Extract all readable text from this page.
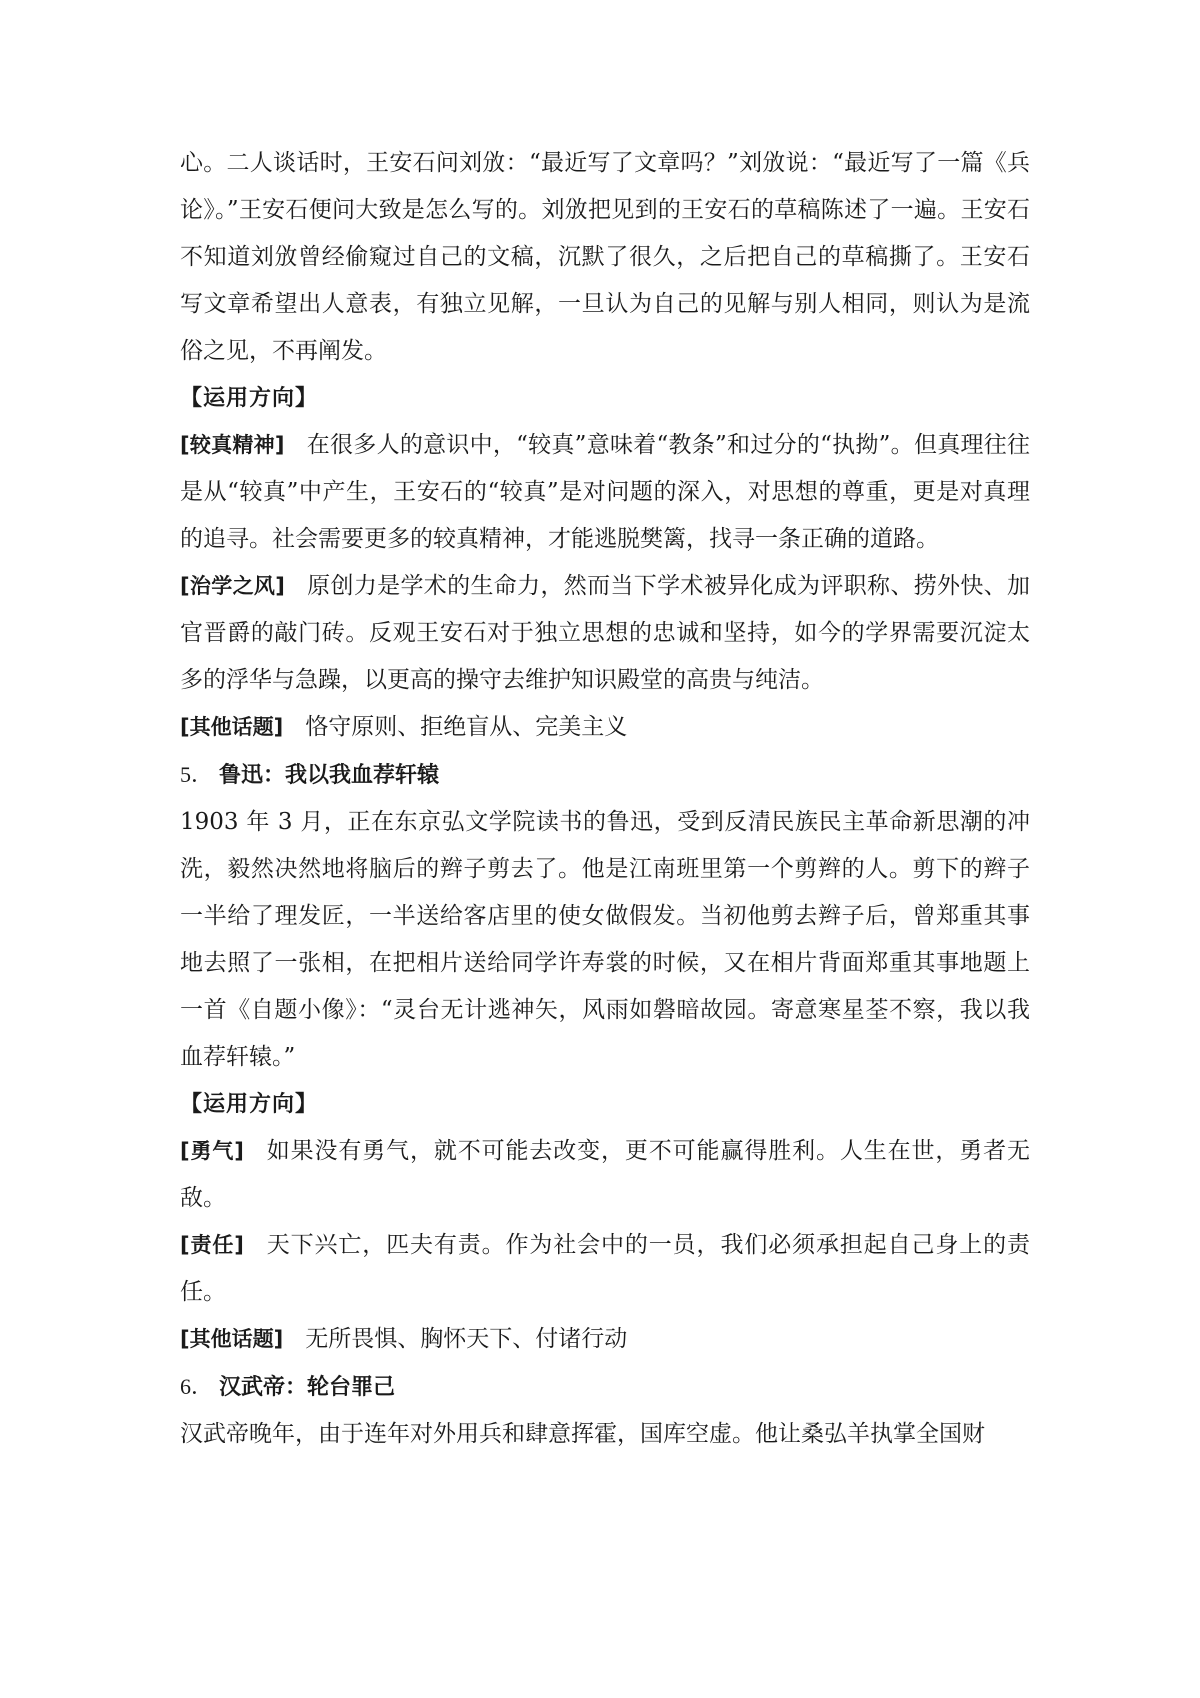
心。二人谈话时，王安石问刘攽：“最近写了文章吗？”刘攽说：“最近写了一篇《兵论》。”王安石便问大致是怎么写的。刘攽把见到的王安石的草稿陈述了一遍。王安石不知道刘攽曾经偷窥过自己的文稿，沉默了很久，之后把自己的草稿撕了。王安石写文章希望出人意表，有独立见解，一旦认为自己的见解与别人相同，则认为是流俗之见，不再阐发。

【运用方向】

[较真精神] 在很多人的意识中，“较真”意味着“教条”和过分的“执拗”。但真理往往是从“较真”中产生，王安石的“较真”是对问题的深入，对思想的尊重，更是对真理的追寻。社会需要更多的较真精神，才能逃脱樊篱，找寻一条正确的道路。

[治学之风] 原创力是学术的生命力，然而当下学术被异化成为评职称、捞外快、加官晋爵的敲门砖。反观王安石对于独立思想的忠诚和坚持，如今的学界需要沉淀太多的浮华与急躁，以更高的操守去维护知识殿堂的高贵与纯洁。

[其他话题] 恪守原则、拒绝盲从、完美主义

5． 鲁迅：我以我血荐轩辕

1903 年 3 月，正在东京弘文学院读书的鲁迅，受到反清民族民主革命新思潮的冲洗，毅然决然地将脑后的辫子剪去了。他是江南班里第一个剪辫的人。剪下的辫子一半给了理发匠，一半送给客店里的使女做假发。当初他剪去辫子后，曾郑重其事地去照了一张相，在把相片送给同学许寿裳的时候，又在相片背面郑重其事地题上一首《自题小像》：“灵台无计逃神矢，风雨如磐暗故园。寄意寒星荃不察，我以我血荐轩辕。”

【运用方向】

[勇气] 如果没有勇气，就不可能去改变，更不可能赢得胜利。人生在世，勇者无敌。

[责任] 天下兴亡，匹夫有责。作为社会中的一员，我们必须承担起自己身上的责任。

[其他话题] 无所畏惧、胸怀天下、付诸行动

6． 汉武帝：轮台罪己

汉武帝晚年，由于连年对外用兵和肆意挥霍，国库空虚。他让桑弘羊执掌全国财
